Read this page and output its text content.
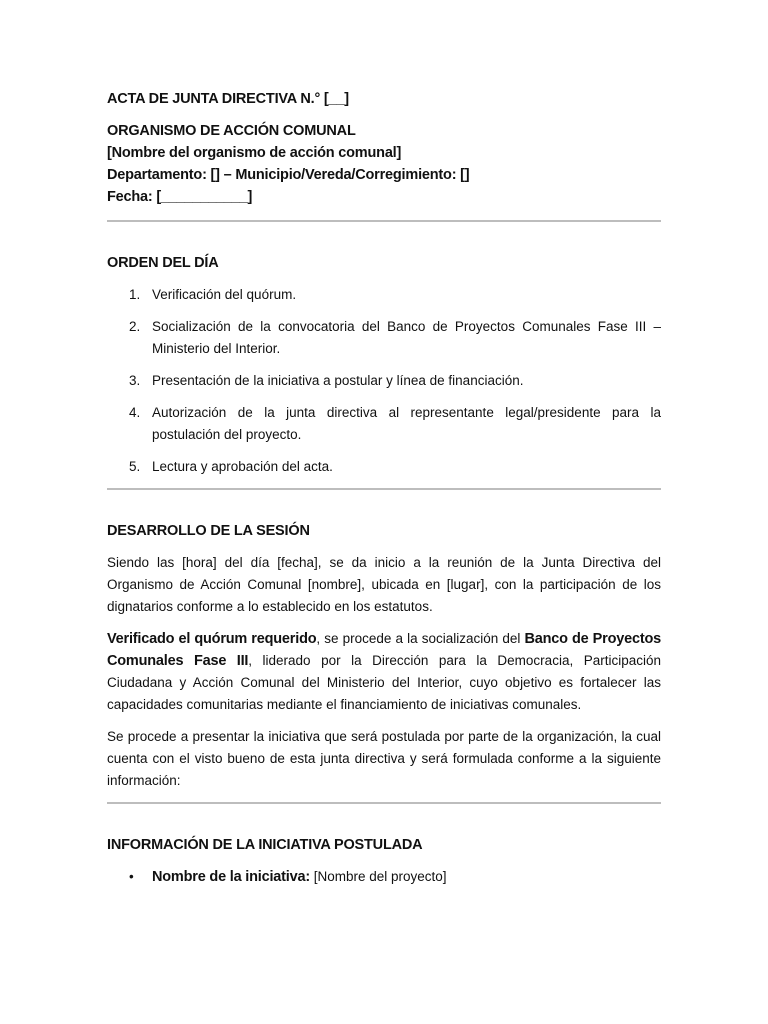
ACTA DE JUNTA DIRECTIVA N.° [__]

ORGANISMO DE ACCIÓN COMUNAL

[Nombre del organismo de acción comunal]

Departamento: [] – Municipio/Vereda/Corregimiento: []

Fecha: [___________]

ORDEN DEL DÍA

1. Verificación del quórum.
2. Socialización de la convocatoria del Banco de Proyectos Comunales Fase III – Ministerio del Interior.
3. Presentación de la iniciativa a postular y línea de financiación.
4. Autorización de la junta directiva al representante legal/presidente para la postulación del proyecto.
5. Lectura y aprobación del acta.

DESARROLLO DE LA SESIÓN

Siendo las [hora] del día [fecha], se da inicio a la reunión de la Junta Directiva del Organismo de Acción Comunal [nombre], ubicada en [lugar], con la participación de los dignatarios conforme a lo establecido en los estatutos.

Verificado el quórum requerido, se procede a la socialización del Banco de Proyectos Comunales Fase III, liderado por la Dirección para la Democracia, Participación Ciudadana y Acción Comunal del Ministerio del Interior, cuyo objetivo es fortalecer las capacidades comunitarias mediante el financiamiento de iniciativas comunales.

Se procede a presentar la iniciativa que será postulada por parte de la organización, la cual cuenta con el visto bueno de esta junta directiva y será formulada conforme a la siguiente información:

INFORMACIÓN DE LA INICIATIVA POSTULADA

• Nombre de la iniciativa: [Nombre del proyecto]
